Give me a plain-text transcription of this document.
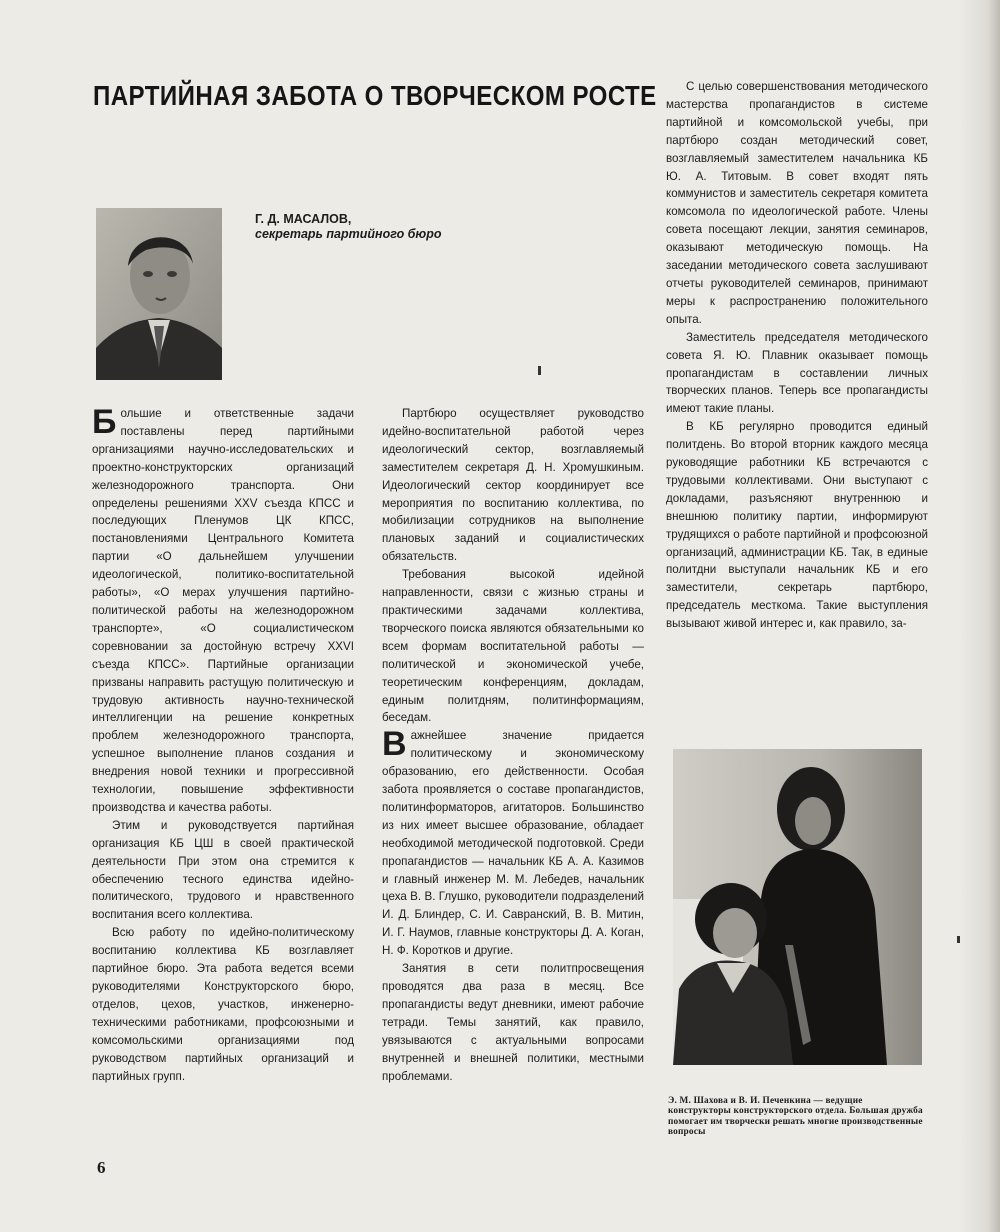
ПАРТИЙНАЯ ЗАБОТА О ТВОРЧЕСКОМ РОСТЕ
Г. Д. МАСАЛОВ,
секретарь партийного бюро

Большие и ответственные задачи поставлены перед партийными организациями научно-исследовательских и проектно-конструкторских организаций железнодорожного транспорта. Они определены решениями XXV съезда КПСС и последующих Пленумов ЦК КПСС, постановлениями Центрального Комитета партии «О дальнейшем улучшении идеологической, политико-воспитательной работы», «О мерах улучшения партийно-политической работы на железнодорожном транспорте», «О социалистическом соревновании за достойную встречу XXVI съезда КПСС». Партийные организации призваны направить растущую политическую и трудовую активность научно-технической интеллигенции на решение конкретных проблем железнодорожного транспорта, успешное выполнение планов создания и внедрения новой техники и прогрессивной технологии, повышение эффективности производства и качества работы.

Этим и руководствуется партийная организация КБ ЦШ в своей практической деятельности При этом она стремится к обеспечению тесного единства идейно-политического, трудового и нравственного воспитания всего коллектива.

Всю работу по идейно-политическому воспитанию коллектива КБ возглавляет партийное бюро. Эта работа ведется всеми руководителями Конструкторского бюро, отделов, цехов, участков, инженерно-техническими работниками, профсоюзными и комсомольскими организациями под руководством партийных организаций и партийных групп.

Партбюро осуществляет руководство идейно-воспитательной работой через идеологический сектор, возглавляемый заместителем секретаря Д. Н. Хромушкиным. Идеологический сектор координирует все мероприятия по воспитанию коллектива, по мобилизации сотрудников на выполнение плановых заданий и социалистических обязательств.

Требования высокой идейной направленности, связи с жизнью страны и практическими задачами коллектива, творческого поиска являются обязательными ко всем формам воспитательной работы — политической и экономической учебе, теоретическим конференциям, докладам, единым политдням, политинформациям, беседам.

Важнейшее значение придается политическому и экономическому образованию, его действенности. Особая забота проявляется о составе пропагандистов, политинформаторов, агитаторов. Большинство из них имеет высшее образование, обладает необходимой методической подготовкой. Среди пропагандистов — начальник КБ А. А. Казимов и главный инженер М. М. Лебедев, начальник цеха В. В. Глушко, руководители подразделений И. Д. Блиндер, С. И. Савранский, В. В. Митин, И. Г. Наумов, главные конструкторы Д. А. Коган, Н. Ф. Коротков и другие.

Занятия в сети политпросвещения проводятся два раза в месяц. Все пропагандисты ведут дневники, имеют рабочие тетради. Темы занятий, как правило, увязываются с актуальными вопросами внутренней и внешней политики, местными проблемами.

С целью совершенствования методического мастерства пропагандистов в системе партийной и комсомольской учебы, при партбюро создан методический совет, возглавляемый заместителем начальника КБ Ю. А. Титовым. В совет входят пять коммунистов и заместитель секретаря комитета комсомола по идеологической работе. Члены совета посещают лекции, занятия семинаров, оказывают методическую помощь. На заседании методического совета заслушивают отчеты руководителей семинаров, принимают меры к распространению положительного опыта.

Заместитель председателя методического совета Я. Ю. Плавник оказывает помощь пропагандистам в составлении личных творческих планов. Теперь все пропагандисты имеют такие планы.

В КБ регулярно проводится единый политдень. Во второй вторник каждого месяца руководящие работники КБ встречаются с трудовыми коллективами. Они выступают с докладами, разъясняют внутреннюю и внешнюю политику партии, информируют трудящихся о работе партийной и профсоюзной организаций, администрации КБ. Так, в единые политдни выступали начальник КБ и его заместители, секретарь партбюро, председатель месткома. Такие выступления вызывают живой интерес и, как правило, за-

Э. М. Шахова и В. И. Печенкина — ведущие конструкторы конструкторского отдела. Большая дружба помогает им творчески решать многие производственные вопросы
6
